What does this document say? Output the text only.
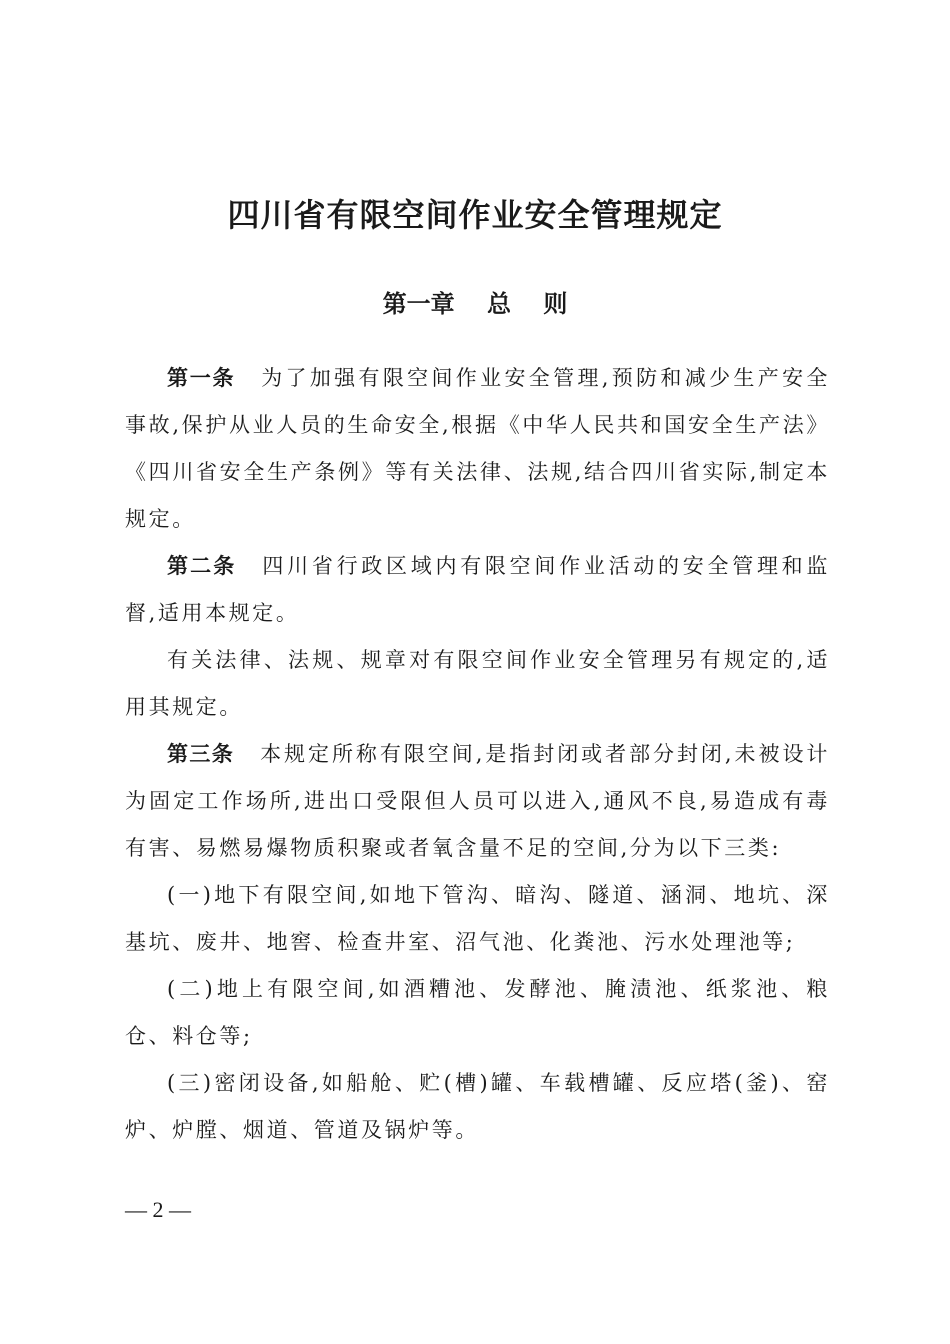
四川省有限空间作业安全管理规定
第一章　 总　 则

第一条 为了加强有限空间作业安全管理,预防和减少生产安全事故,保护从业人员的生命安全,根据《中华人民共和国安全生产法》《四川省安全生产条例》等有关法律、法规,结合四川省实际,制定本规定。

第二条 四川省行政区域内有限空间作业活动的安全管理和监督,适用本规定。

有关法律、法规、规章对有限空间作业安全管理另有规定的,适用其规定。

第三条 本规定所称有限空间,是指封闭或者部分封闭,未被设计为固定工作场所,进出口受限但人员可以进入,通风不良,易造成有毒有害、易燃易爆物质积聚或者氧含量不足的空间,分为以下三类:

(一)地下有限空间,如地下管沟、暗沟、隧道、涵洞、地坑、深基坑、废井、地窖、检查井室、沼气池、化粪池、污水处理池等;

(二)地上有限空间,如酒糟池、发酵池、腌渍池、纸浆池、粮仓、料仓等;

(三)密闭设备,如船舱、贮(槽)罐、车载槽罐、反应塔(釜)、窑炉、炉膛、烟道、管道及锅炉等。

— 2 —
